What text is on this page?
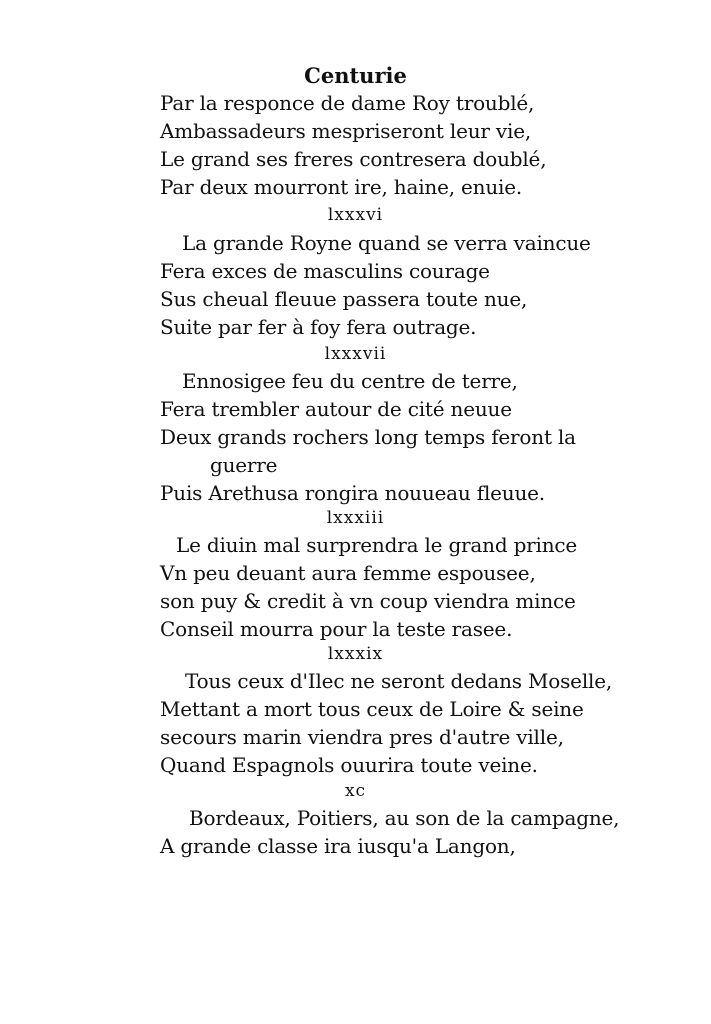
Centurie
Par la responce de dame Roy troublé,
Ambassadeurs mespriseront leur vie,
Le grand ses freres contresera doublé,
Par deux mourront ire, haine, enuie.
lxxxvi
La grande Royne quand se verra vaincue
Fera exces de masculins courage
Sus cheual fleuue passera toute nue,
Suite par fer à foy fera outrage.
lxxxvii
Ennosigee feu du centre de terre,
Fera trembler autour de cité neuue
Deux grands rochers long temps feront la
guerre
Puis Arethusa rongira nouueau fleuue.
lxxxiii
Le diuin mal surprendra le grand prince
Vn peu deuant aura femme espousee,
son puy & credit à vn coup viendra mince
Conseil mourra pour la teste rasee.
lxxxix
Tous ceux d'Ilec ne seront dedans Moselle,
Mettant a mort tous ceux de Loire & seine
secours marin viendra pres d'autre ville,
Quand Espagnols ouurira toute veine.
xc
Bordeaux, Poitiers, au son de la campagne,
A grande classe ira iusqu'a Langon,
